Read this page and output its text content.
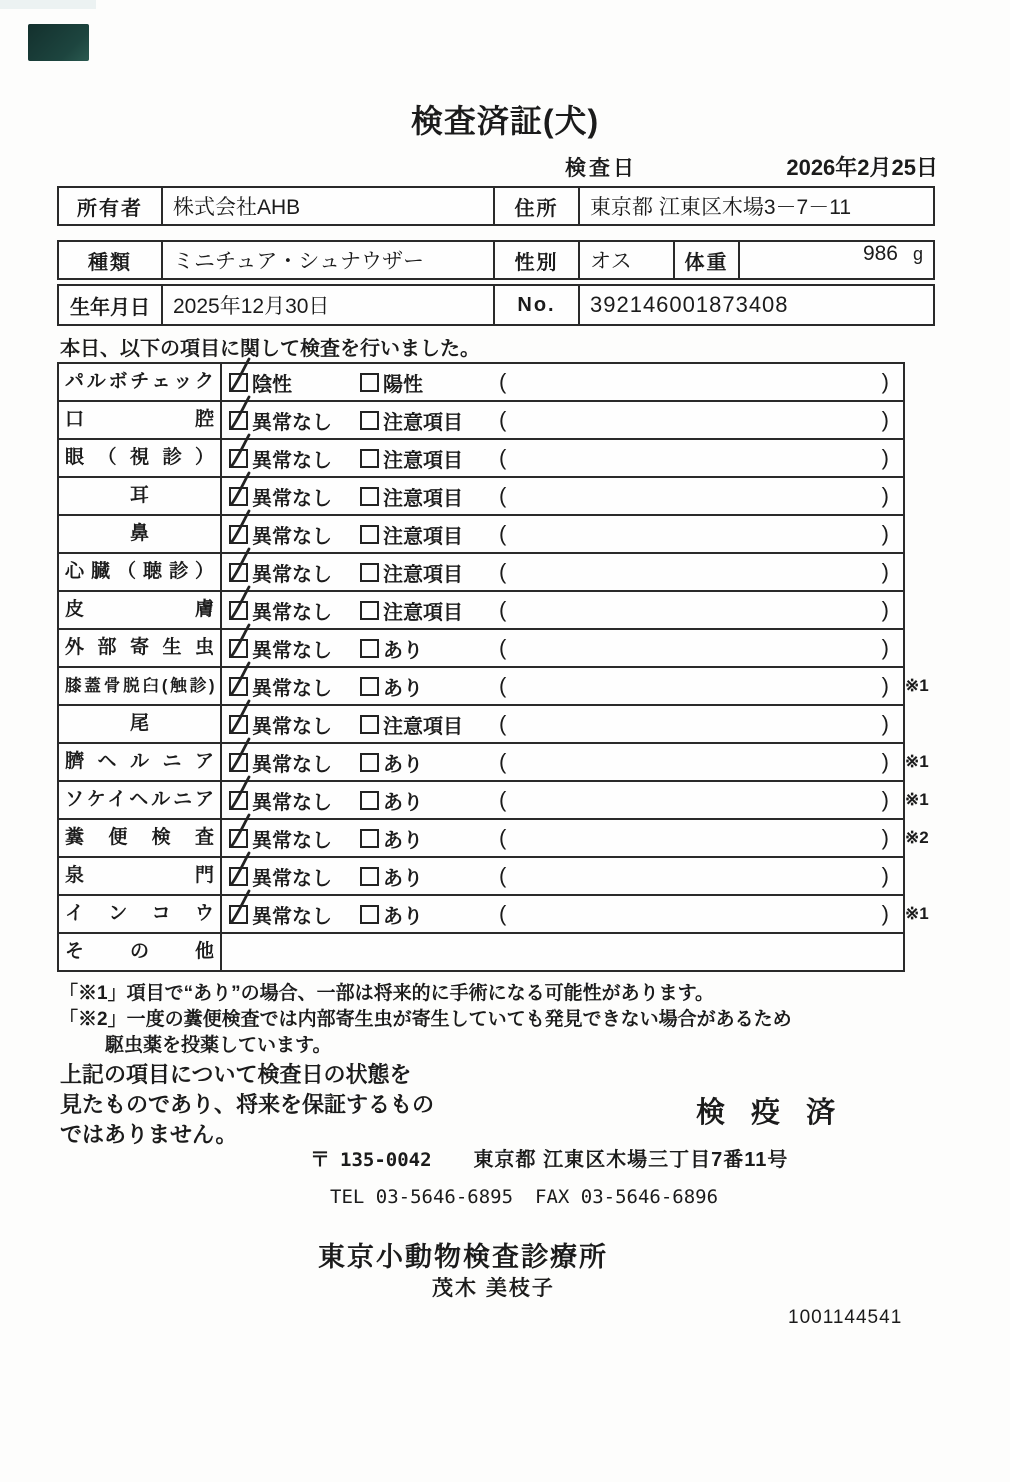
検査済証(犬)
検査日	2026年2月25日
所有者	株式会社AHB	住所	東京都 江東区木場3－7－11
種類	ミニチュア・シュナウザー	性別	オス	体重	986 g
生年月日	2025年12月30日	No.	392146001873408
本日、以下の項目に関して検査を行いました。
パルボチェック	陰性	陽性	(	)
口腔	異常なし	注意項目 (	)
眼（視診）	異常なし	注意項目 (	)
耳	異常なし	注意項目 (	)
鼻	異常なし	注意項目 (	)
心臓（聴診）	異常なし	注意項目 (	)
皮膚	異常なし	注意項目 (	)
外部寄生虫	異常なし	あり	(	)
膝蓋骨脱臼(触診)	異常なし	あり	(	) ※1
尾	異常なし	注意項目 (	)
臍ヘルニア	異常なし	あり	(	) ※1
ソケイヘルニア	異常なし	あり	(	) ※1
糞便検査	異常なし	あり	(	) ※2
泉門	異常なし	あり	(	)
インコウ	異常なし	あり	(	) ※1
その他
「※1」項目で“あり”の場合、一部は将来的に手術になる可能性があります。
「※2」一度の糞便検査では内部寄生虫が寄生していても発見できない場合があるため
駆虫薬を投薬しています。
上記の項目について検査日の状態を
見たものであり、将来を保証するもの
ではありません。
検 疫 済
〒 135-0042 東京都 江東区木場三丁目7番11号
TEL 03-5646-6895 FAX 03-5646-6896
東京小動物検査診療所
茂木 美枝子
1001144541
